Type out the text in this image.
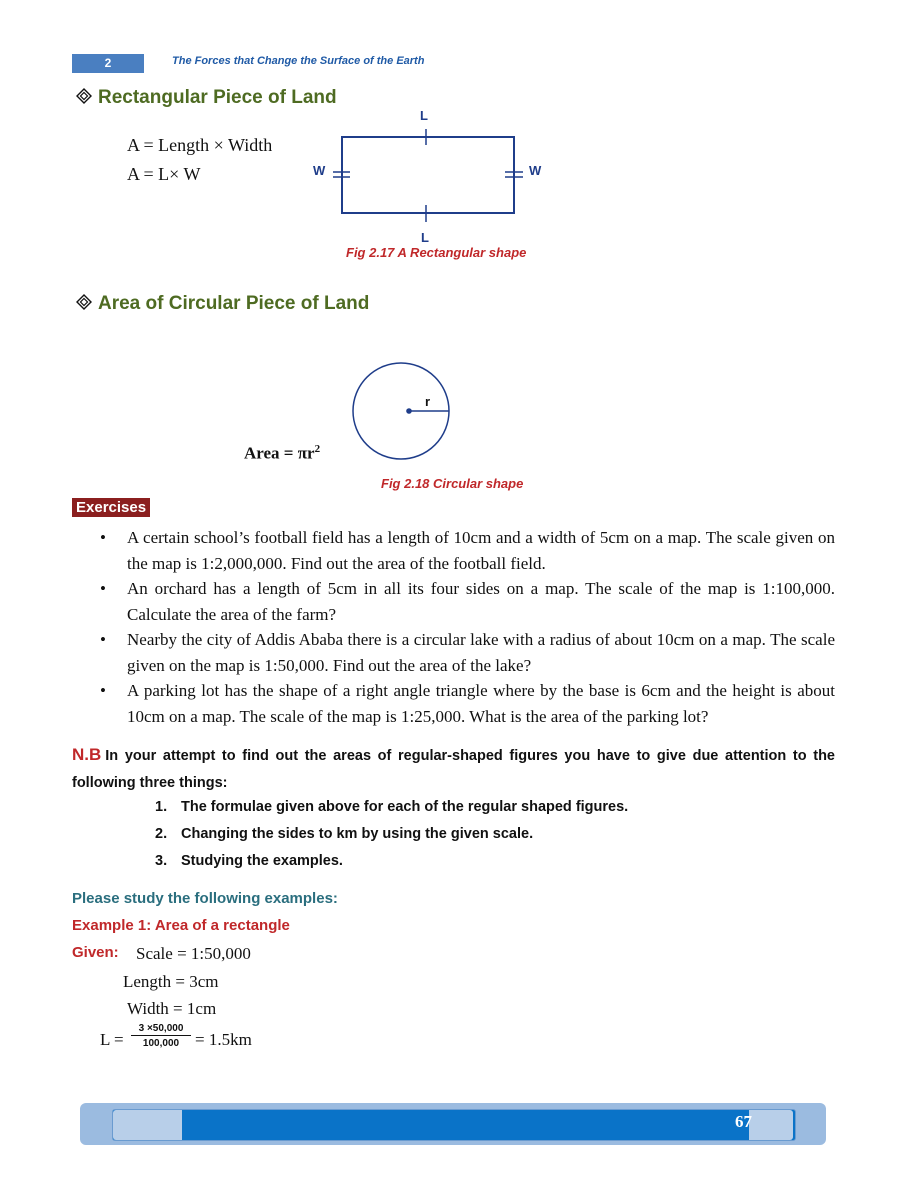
2	The Forces that Change the Surface of the Earth
Rectangular Piece of Land
A = Length × Width
A = L× W
L
L
W	W
Fig 2.17 A Rectangular shape
Area of Circular Piece of Land
r
Area = $\pi r^2$
Fig 2.18 Circular shape
Exercises
• A certain school’s football field has a length of 10cm and a width of 5cm on a map. The scale given on the map is 1:2,000,000. Find out the area of the football field.
• An orchard has a length of 5cm in all its four sides on a map. The scale of the map is 1:100,000. Calculate the area of the farm?
• Nearby the city of Addis Ababa there is a circular lake with a radius of about 10cm on a map. The scale given on the map is 1:50,000. Find out the area of the lake?
• A parking lot has the shape of a right angle triangle where by the base is 6cm and the height is about 10cm on a map. The scale of the map is 1:25,000. What is the area of the parking lot?
N.B In your attempt to find out the areas of regular-shaped figures you have to give due attention to the following three things:
1. The formulae given above for each of the regular shaped figures.
2. Changing the sides to km by using the given scale.
3. Studying the examples.
Please study the following examples:
Example 1: Area of a rectangle
Given: Scale = 1:50,000
Length = 3cm
Width = 1cm
$L = \frac{3 \times 50,000}{100,000} = 1.5km$
67
